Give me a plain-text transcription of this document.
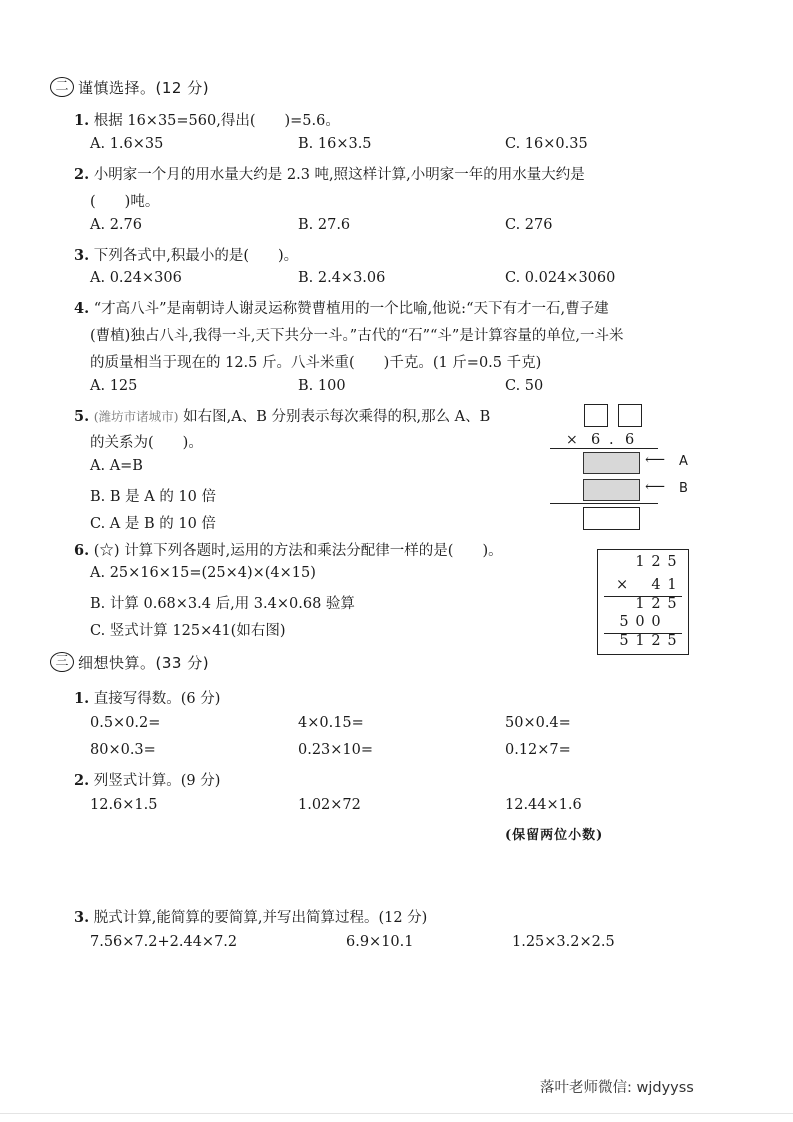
二 谨慎选择。(12 分)
1. 根据 16×35=560,得出(　　)=5.6。
A. 1.6×35	B. 16×3.5	C. 16×0.35
2. 小明家一个月的用水量大约是 2.3 吨,照这样计算,小明家一年的用水量大约是
(　　)吨。
A. 2.76	B. 27.6	C. 276
3. 下列各式中,积最小的是(　　)。
A. 0.24×306	B. 2.4×3.06	C. 0.024×3060
4. “才高八斗”是南朝诗人谢灵运称赞曹植用的一个比喻,他说:“天下有才一石,曹子建
(曹植)独占八斗,我得一斗,天下共分一斗。”古代的“石”“斗”是计算容量的单位,一斗米
的质量相当于现在的 12.5 斤。八斗米重(　　)千克。(1 斤=0.5 千克)
A. 125	B. 100	C. 50
5. (潍坊市诸城市) 如右图,A、B 分别表示每次乘得的积,那么 A、B
的关系为(　　)。
A. A=B
B. B 是 A 的 10 倍
C. A 是 B 的 10 倍
× 6 . 6
⟵ A
⟵ B
6. (☆) 计算下列各题时,运用的方法和乘法分配律一样的是(　　)。
A. 25×16×15=(25×4)×(4×15)
B. 计算 0.68×3.4 后,用 3.4×0.68 验算
C. 竖式计算 125×41(如右图)
1 2 5
× 4 1
1 2 5
5 0 0
5 1 2 5
三 细想快算。(33 分)
1. 直接写得数。(6 分)
0.5×0.2=	4×0.15=	50×0.4=
80×0.3=	0.23×10=	0.12×7=
2. 列竖式计算。(9 分)
12.6×1.5	1.02×72	12.44×1.6
(保留两位小数)
3. 脱式计算,能简算的要简算,并写出简算过程。(12 分)
7.56×7.2+2.44×7.2	6.9×10.1	1.25×3.2×2.5
落叶老师微信: wjdyyss
